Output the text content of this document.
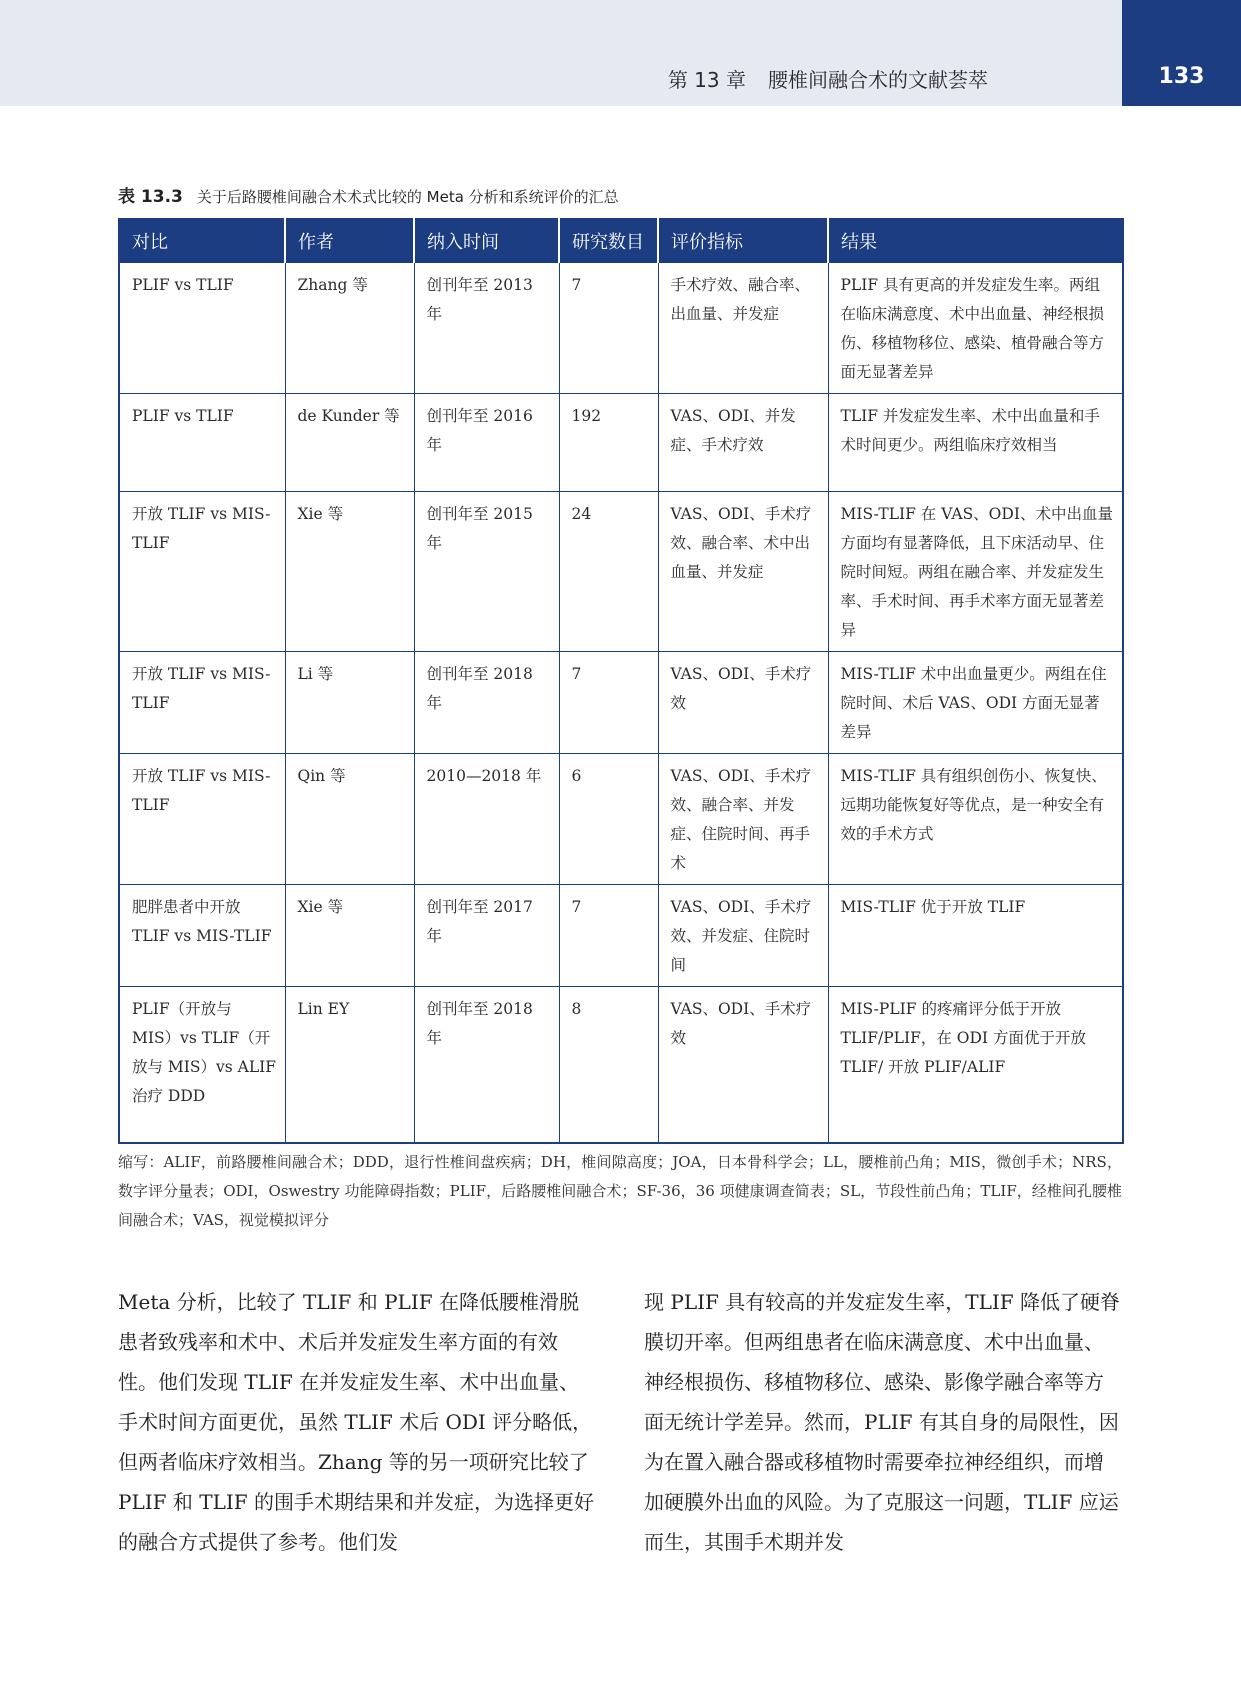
第 13 章 腰椎间融合术的文献荟萃	133
表 13.3 关于后路腰椎间融合术术式比较的 Meta 分析和系统评价的汇总
对比	作者	纳入时间	研究数目	评价指标	结果
PLIF vs TLIF	Zhang 等	创刊年至 2013 年	7	手术疗效、融合率、出血量、并发症	PLIF 具有更高的并发症发生率。两组在临床满意度、术中出血量、神经根损伤、移植物移位、感染、植骨融合等方面无显著差异
PLIF vs TLIF	de Kunder 等	创刊年至 2016 年	192	VAS、ODI、并发症、手术疗效	TLIF 并发症发生率、术中出血量和手术时间更少。两组临床疗效相当
开放 TLIF vs MIS-TLIF	Xie 等	创刊年至 2015 年	24	VAS、ODI、手术疗效、融合率、术中出血量、并发症	MIS-TLIF 在 VAS、ODI、术中出血量方面均有显著降低，且下床活动早、住院时间短。两组在融合率、并发症发生率、手术时间、再手术率方面无显著差异
开放 TLIF vs MIS-TLIF	Li 等	创刊年至 2018 年	7	VAS、ODI、手术疗效	MIS-TLIF 术中出血量更少。两组在住院时间、术后 VAS、ODI 方面无显著差异
开放 TLIF vs MIS-TLIF	Qin 等	2010—2018 年	6	VAS、ODI、手术疗效、融合率、并发症、住院时间、再手术	MIS-TLIF 具有组织创伤小、恢复快、远期功能恢复好等优点，是一种安全有效的手术方式
肥胖患者中开放 TLIF vs MIS-TLIF	Xie 等	创刊年至 2017 年	7	VAS、ODI、手术疗效、并发症、住院时间	MIS-TLIF 优于开放 TLIF
PLIF（开放与 MIS）vs TLIF（开放与 MIS）vs ALIF 治疗 DDD	Lin EY	创刊年至 2018 年	8	VAS、ODI、手术疗效	MIS-PLIF 的疼痛评分低于开放 TLIF/PLIF，在 ODI 方面优于开放 TLIF/ 开放 PLIF/ALIF
缩写：ALIF，前路腰椎间融合术；DDD，退行性椎间盘疾病；DH，椎间隙高度；JOA，日本骨科学会；LL，腰椎前凸角；MIS，微创手术；NRS，数字评分量表；ODI，Oswestry 功能障碍指数；PLIF，后路腰椎间融合术；SF-36，36 项健康调查简表；SL，节段性前凸角；TLIF，经椎间孔腰椎间融合术；VAS，视觉模拟评分

Meta 分析，比较了 TLIF 和 PLIF 在降低腰椎滑脱患者致残率和术中、术后并发症发生率方面的有效性。他们发现 TLIF 在并发症发生率、术中出血量、手术时间方面更优，虽然 TLIF 术后 ODI 评分略低，但两者临床疗效相当。Zhang 等的另一项研究比较了 PLIF 和 TLIF 的围手术期结果和并发症，为选择更好的融合方式提供了参考。他们发

现 PLIF 具有较高的并发症发生率，TLIF 降低了硬脊膜切开率。但两组患者在临床满意度、术中出血量、神经根损伤、移植物移位、感染、影像学融合率等方面无统计学差异。然而，PLIF 有其自身的局限性，因为在置入融合器或移植物时需要牵拉神经组织，而增加硬膜外出血的风险。为了克服这一问题，TLIF 应运而生，其围手术期并发
